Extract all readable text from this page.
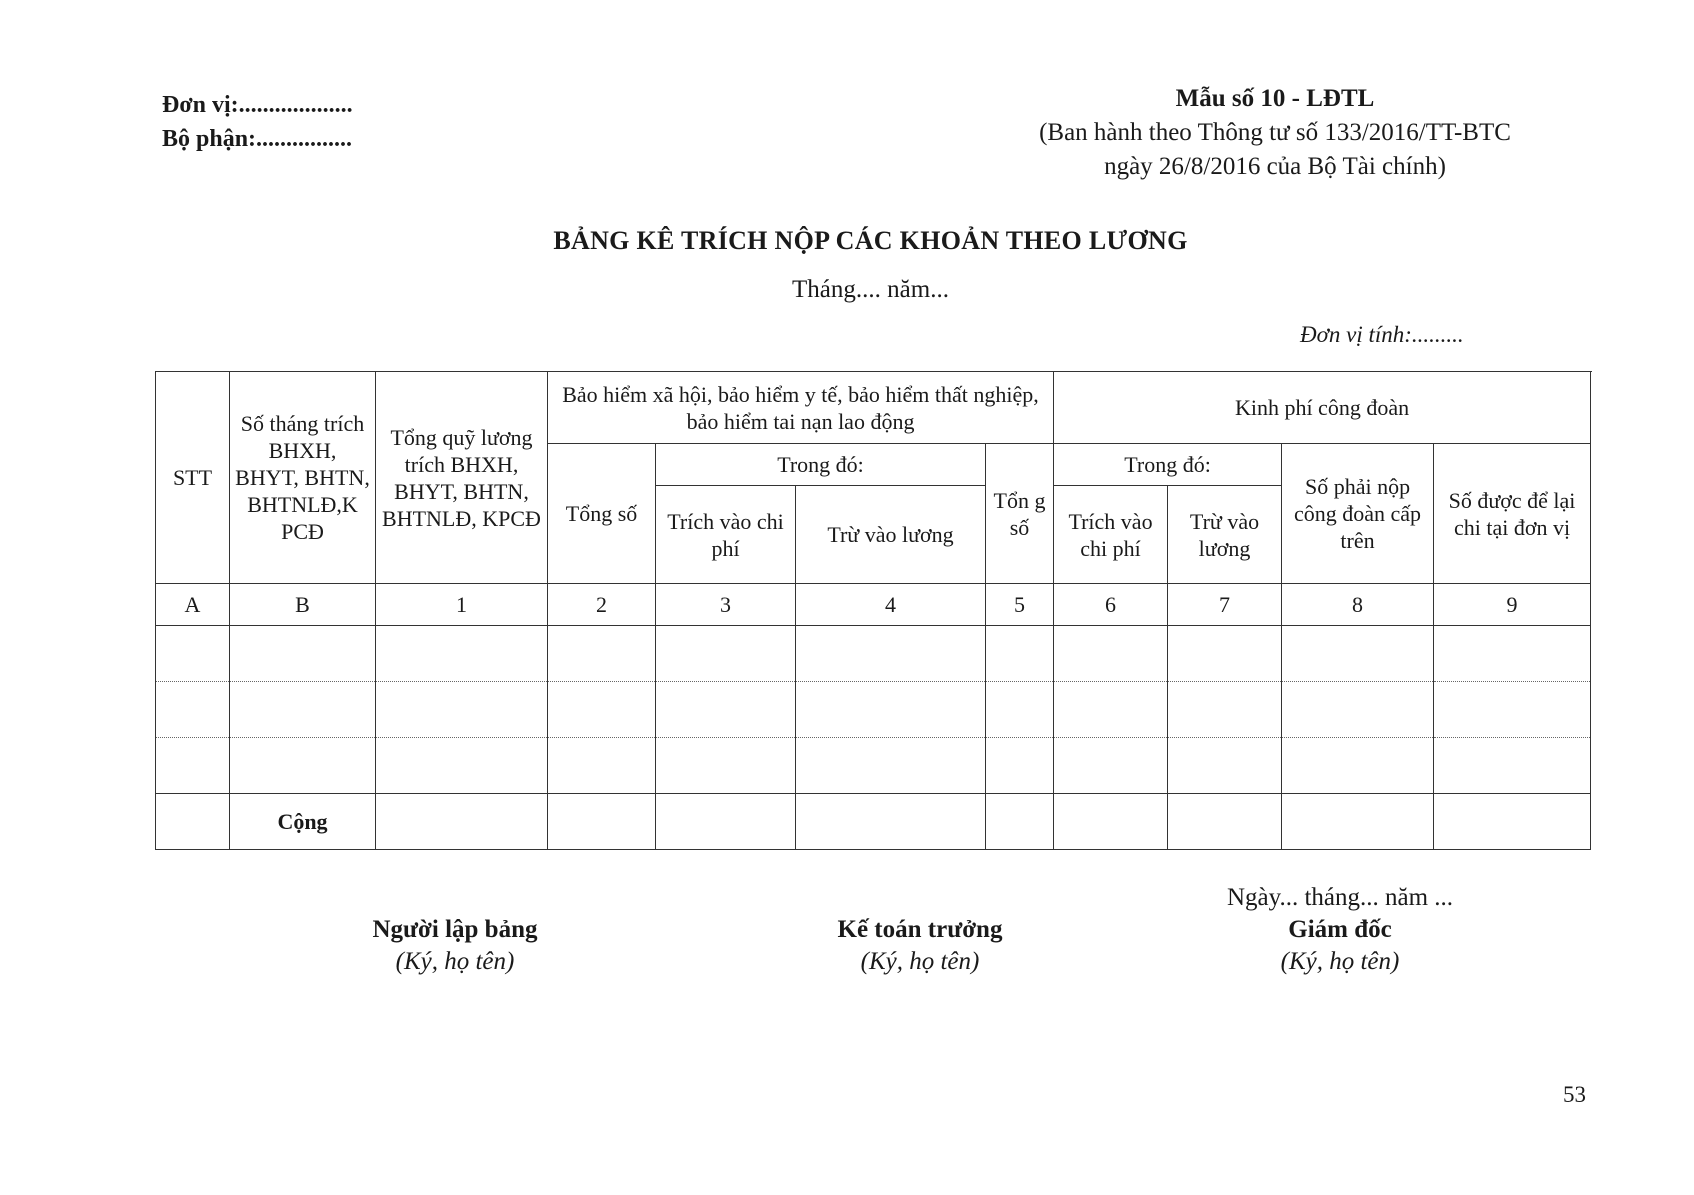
Đơn vị:...................
Bộ phận:................
Mẫu số 10 - LĐTL
(Ban hành theo Thông tư số 133/2016/TT-BTC
ngày 26/8/2016 của Bộ Tài chính)
BẢNG KÊ TRÍCH NỘP CÁC KHOẢN THEO LƯƠNG
Tháng.... năm...
Đơn vị tính:.........
STT	Số tháng trích BHXH, BHYT, BHTN, BHTNLĐ,K PCĐ	Tổng quỹ lương trích BHXH, BHYT, BHTN, BHTNLĐ, KPCĐ	Bảo hiểm xã hội, bảo hiểm y tế, bảo hiểm thất nghiệp, bảo hiểm tai nạn lao động				Kinh phí công đoàn			
			Tổng số	Trong đó:		Tổn g số	Trong đó:		Số phải nộp công đoàn cấp trên	Số được để lại chi tại đơn vị
				Trích vào chi phí	Trừ vào lương		Trích vào chi phí	Trừ vào lương		
A	B	1	2	3	4	5	6	7	8	9

	Cộng									
Người lập bảng
(Ký, họ tên)
Kế toán trưởng
(Ký, họ tên)
Ngày... tháng... năm ...
Giám đốc
(Ký, họ tên)
53
